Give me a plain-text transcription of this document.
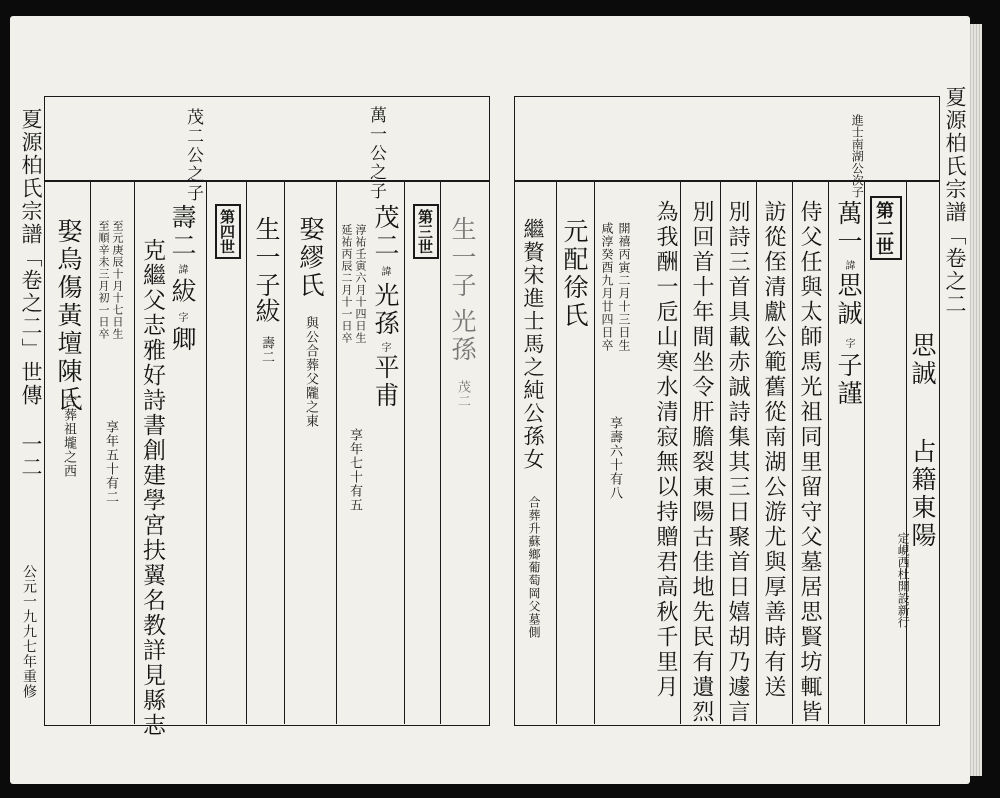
夏源柏氏宗譜「卷之二」世傳 一二
公元一九九七年重修
萬一公之子
第三世
茂二
諱
光孫
字
平甫
淳祐壬寅六月十四日生
延祐丙辰二月十一日卒
享年七十有五
娶繆氏
與公合葬父隴之東
生一子
紱
壽二
茂二公之子
第四世
壽二
諱
紱
字
卿
克繼父志雅好詩書創建學宮扶翼名教詳見縣志
至元庚辰十月十七日生
至順辛未三月初一日卒
享年五十有二
娶烏傷黃壇陳氏
合葬祖壠之西
生一子
光孫
茂二
夏源柏氏宗譜「卷之二
進士南湖公次子
第二世
萬一
諱
思誠
字
子謹 思誠
占籍東陽
定峴西杜開設新行
侍父任與太師馬光祖同里留守父墓居思賢坊輒皆
訪從侄清獻公範舊從南湖公游尤與厚善時有送
別詩三首具載赤誠詩集其三日聚首日嬉胡乃遽言
別回首十年間坐令肝膽裂東陽古佳地先民有遺烈
為我酬一卮山寒水清寂無以持贈君高秋千里月
開禧丙寅二月十三日生
咸淳癸酉九月廿四日卒
享壽六十有八
元配徐氏
繼贅宋進士馬之純公孫女
合葬升蘇鄉葡萄岡父墓側
